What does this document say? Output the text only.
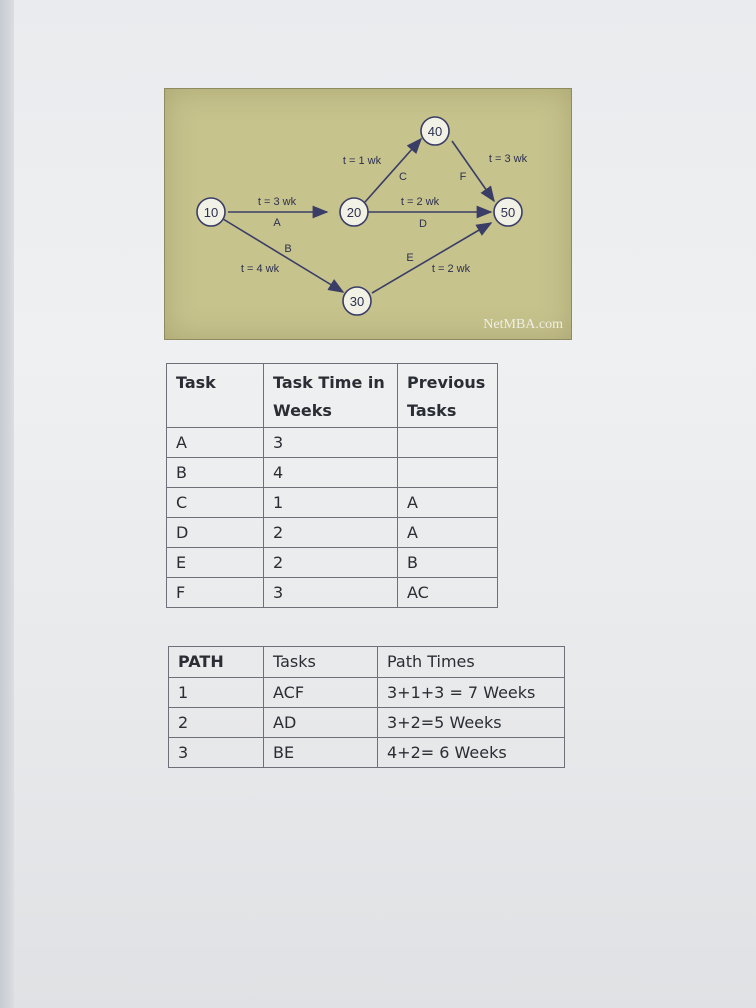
10	20
30
40
50
t = 3 wk
A
B
t = 4 wk
t = 1 wk
C
t = 2 wk
D
E
t = 2 wk
t = 3 wk
F
NetMBA.com
Task	Task Time in Weeks	Previous Tasks
A	3	
B	4	
C	1	A
D	2	A
E	2	B
F	3	AC
PATH	Tasks	Path Times
1	ACF	3+1+3 = 7 Weeks
2	AD	3+2=5 Weeks
3	BE	4+2= 6 Weeks
